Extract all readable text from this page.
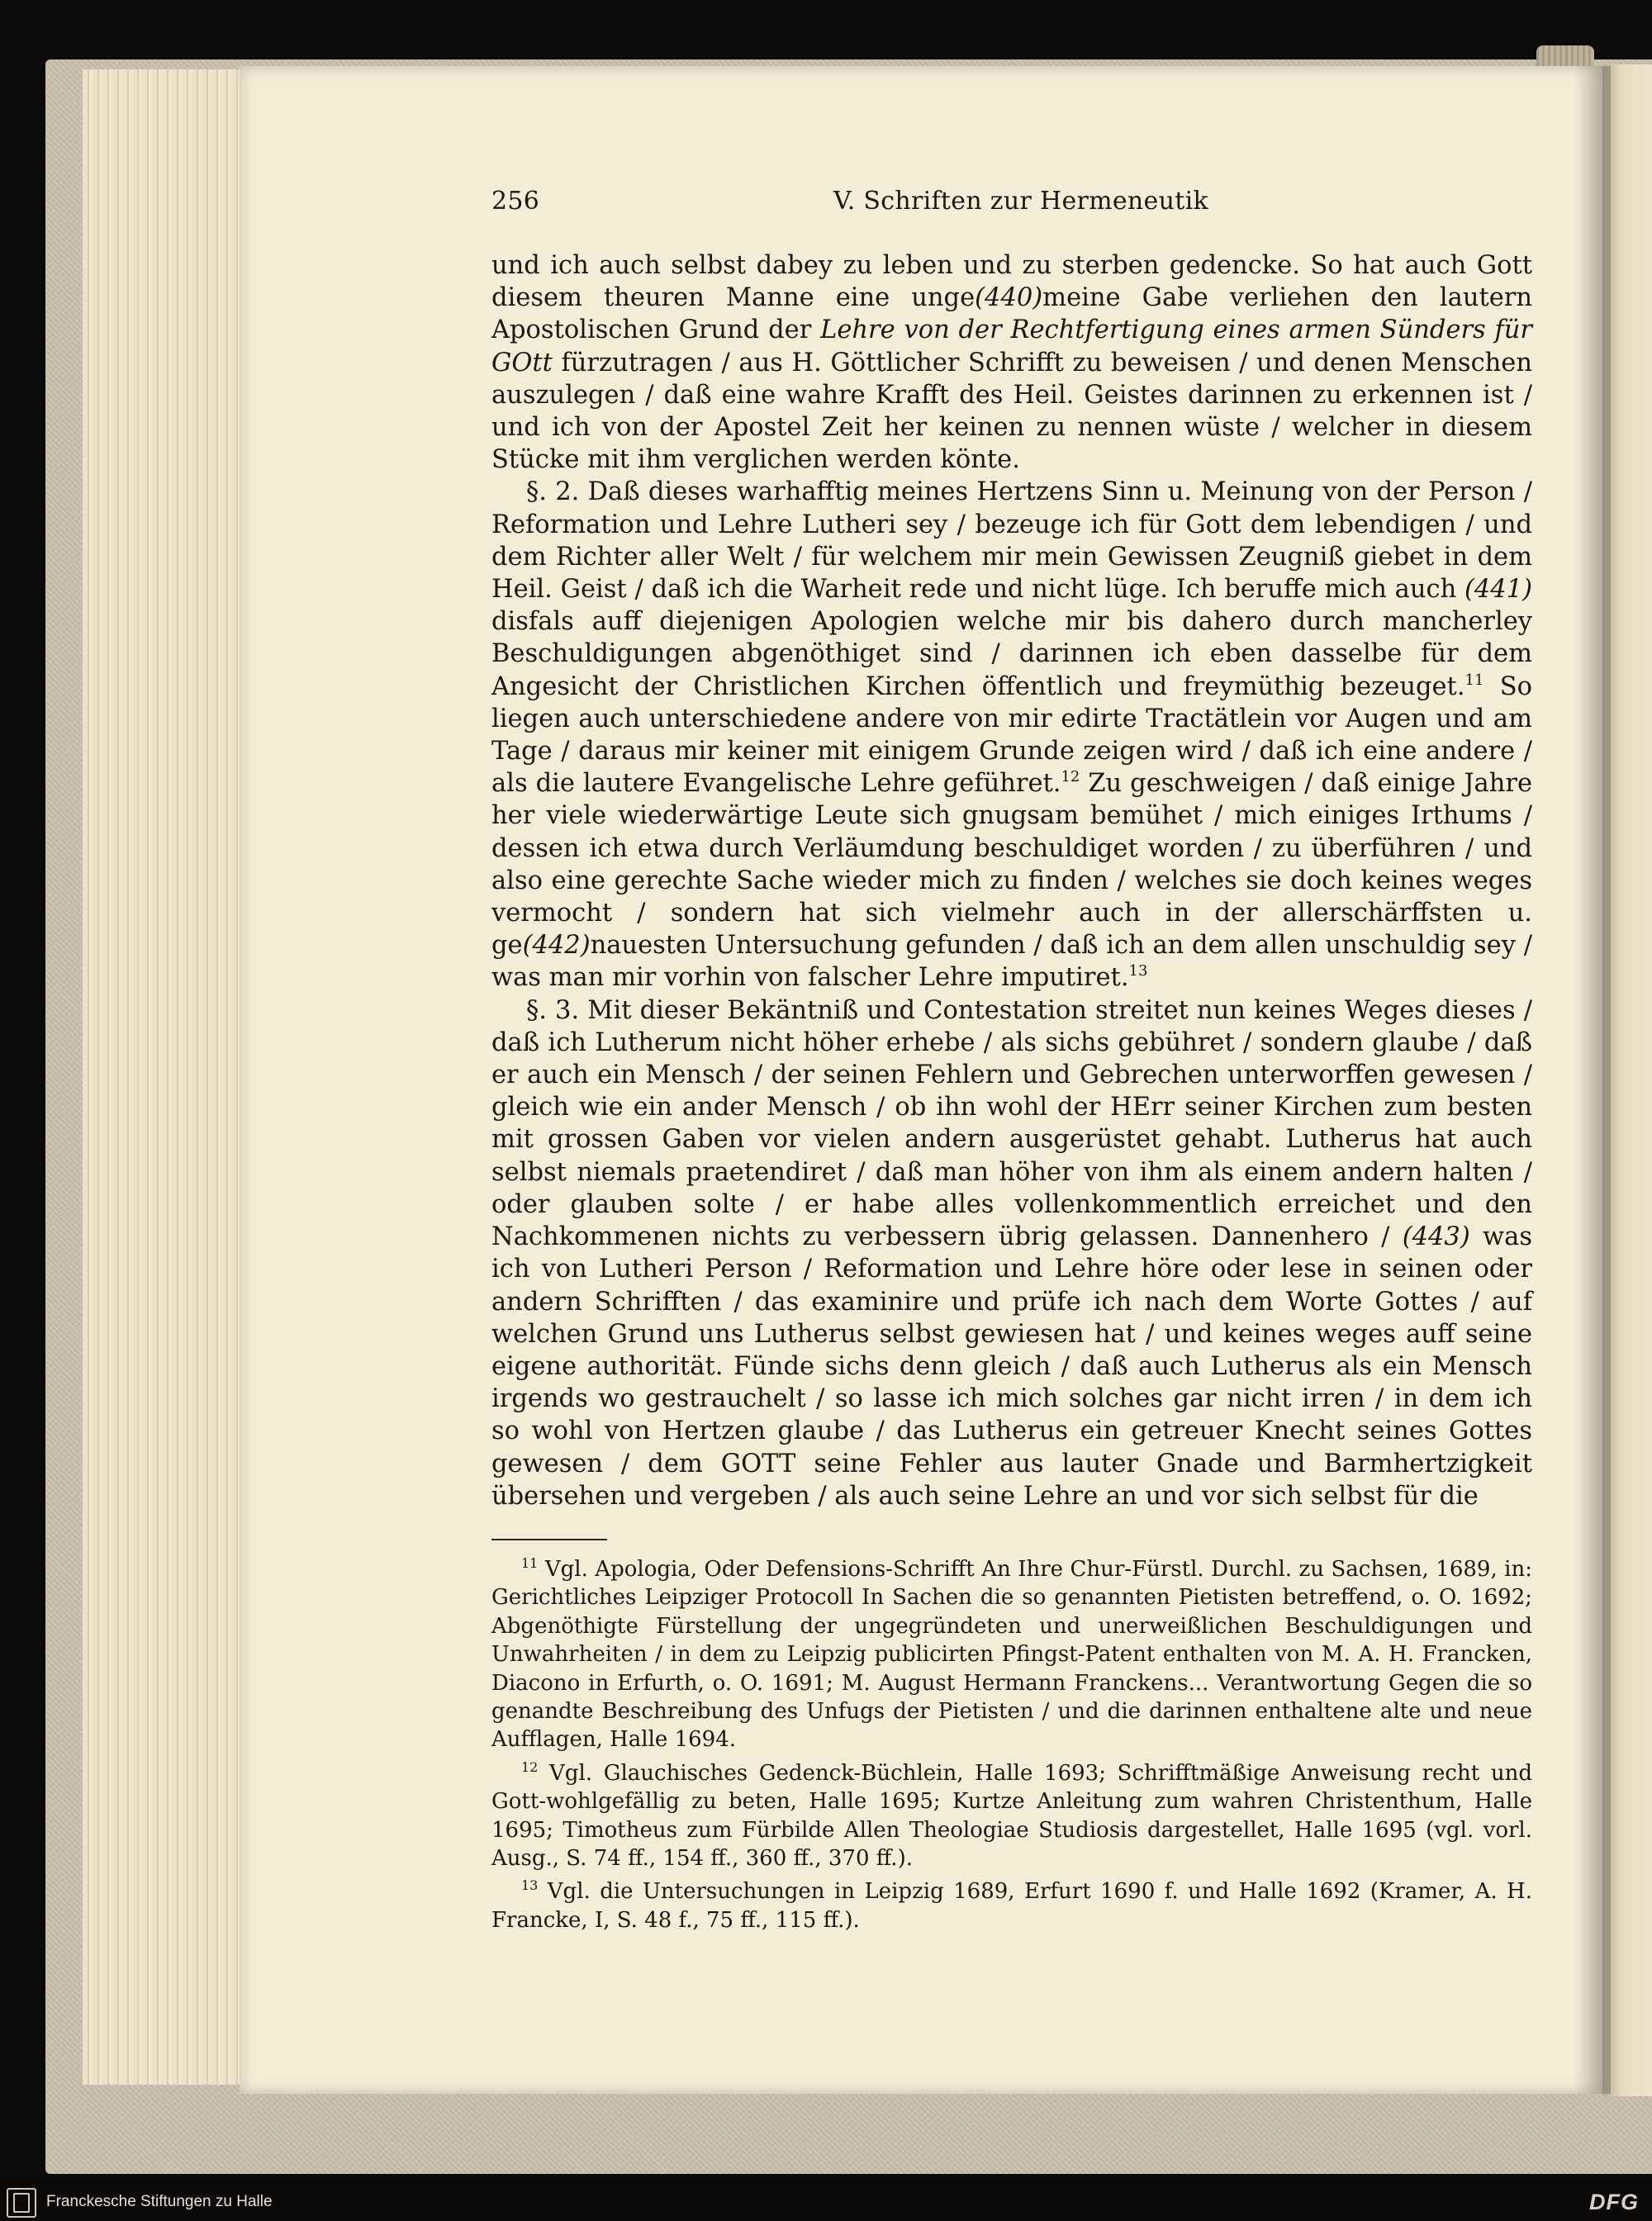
256	V. Schriften zur Hermeneutik

und ich auch selbst dabey zu leben und zu sterben gedencke. So hat auch Gott diesem theuren Manne eine unge(440)meine Gabe verliehen den lautern Apostolischen Grund der Lehre von der Rechtfertigung eines armen Sünders für GOtt fürzutragen / aus H. Göttlicher Schrifft zu beweisen / und denen Menschen auszulegen / daß eine wahre Krafft des Heil. Geistes darinnen zu erkennen ist / und ich von der Apostel Zeit her keinen zu nennen wüste / welcher in diesem Stücke mit ihm verglichen werden könte.

§. 2. Daß dieses warhafftig meines Hertzens Sinn u. Meinung von der Person / Reformation und Lehre Lutheri sey / bezeuge ich für Gott dem lebendigen / und dem Richter aller Welt / für welchem mir mein Gewissen Zeugniß giebet in dem Heil. Geist / daß ich die Warheit rede und nicht lüge. Ich beruffe mich auch (441) disfals auff diejenigen Apologien welche mir bis dahero durch mancherley Beschuldigungen abgenöthiget sind / darinnen ich eben dasselbe für dem Angesicht der Christlichen Kirchen öffentlich und freymüthig bezeuget.$^{11}$ So liegen auch unterschiedene andere von mir edirte Tractätlein vor Augen und am Tage / daraus mir keiner mit einigem Grunde zeigen wird / daß ich eine andere / als die lautere Evangelische Lehre geführet.$^{12}$ Zu geschweigen / daß einige Jahre her viele wiederwärtige Leute sich gnugsam bemühet / mich einiges Irthums / dessen ich etwa durch Verläumdung beschuldiget worden / zu überführen / und also eine gerechte Sache wieder mich zu finden / welches sie doch keines weges vermocht / sondern hat sich vielmehr auch in der allerschärffsten u. ge(442)nauesten Untersuchung gefunden / daß ich an dem allen unschuldig sey / was man mir vorhin von falscher Lehre imputiret.$^{13}$

§. 3. Mit dieser Bekäntniß und Contestation streitet nun keines Weges dieses / daß ich Lutherum nicht höher erhebe / als sichs gebühret / sondern glaube / daß er auch ein Mensch / der seinen Fehlern und Gebrechen unterworffen gewesen / gleich wie ein ander Mensch / ob ihn wohl der HErr seiner Kirchen zum besten mit grossen Gaben vor vielen andern ausgerüstet gehabt. Lutherus hat auch selbst niemals praetendiret / daß man höher von ihm als einem andern halten / oder glauben solte / er habe alles vollenkommentlich erreichet und den Nachkommenen nichts zu verbessern übrig gelassen. Dannenhero / (443) was ich von Lutheri Person / Reformation und Lehre höre oder lese in seinen oder andern Schrifften / das examinire und prüfe ich nach dem Worte Gottes / auf welchen Grund uns Lutherus selbst gewiesen hat / und keines weges auff seine eigene authorität. Fünde sichs denn gleich / daß auch Lutherus als ein Mensch irgends wo gestrauchelt / so lasse ich mich solches gar nicht irren / in dem ich so wohl von Hertzen glaube / das Lutherus ein getreuer Knecht seines Gottes gewesen / dem GOTT seine Fehler aus lauter Gnade und Barmhertzigkeit übersehen und vergeben / als auch seine Lehre an und vor sich selbst für die

$^{11}$ Vgl. Apologia, Oder Defensions-Schrifft An Ihre Chur-Fürstl. Durchl. zu Sachsen, 1689, in: Gerichtliches Leipziger Protocoll In Sachen die so genannten Pietisten betreffend, o. O. 1692; Abgenöthigte Fürstellung der ungegründeten und unerweißlichen Beschuldigungen und Unwahrheiten / in dem zu Leipzig publicirten Pfingst-Patent enthalten von M. A. H. Francken, Diacono in Erfurth, o. O. 1691; M. August Hermann Franckens... Verantwortung Gegen die so genandte Beschreibung des Unfugs der Pietisten / und die darinnen enthaltene alte und neue Aufflagen, Halle 1694.

$^{12}$ Vgl. Glauchisches Gedenck-Büchlein, Halle 1693; Schrifftmäßige Anweisung recht und Gott-wohlgefällig zu beten, Halle 1695; Kurtze Anleitung zum wahren Christenthum, Halle 1695; Timotheus zum Fürbilde Allen Theologiae Studiosis dargestellet, Halle 1695 (vgl. vorl. Ausg., S. 74 ff., 154 ff., 360 ff., 370 ff.).

$^{13}$ Vgl. die Untersuchungen in Leipzig 1689, Erfurt 1690 f. und Halle 1692 (Kramer, A. H. Francke, I, S. 48 f., 75 ff., 115 ff.).

Franckesche Stiftungen zu Halle	DFG
